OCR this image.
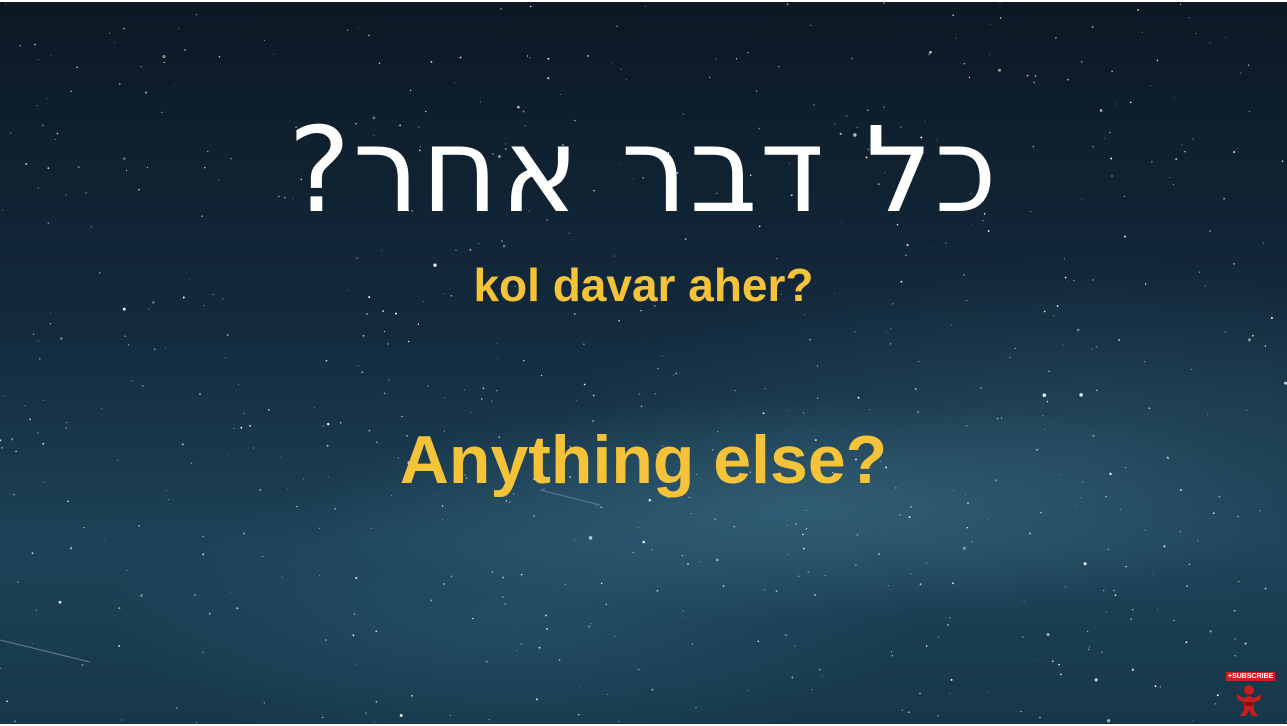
כל דבר אחר?
kol davar aher?
Anything else?
+SUBSCRIBE
